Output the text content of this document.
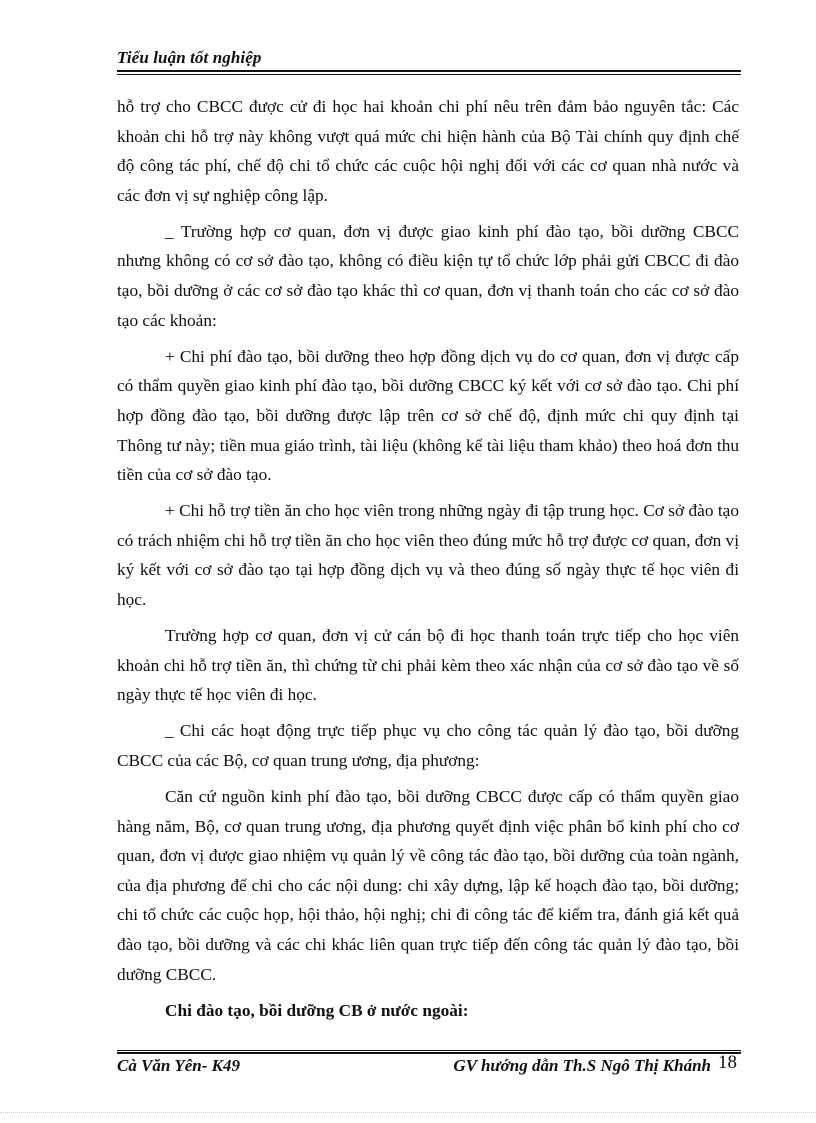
Tiểu luận tốt nghiệp

hỗ trợ cho CBCC được cử đi học hai khoản chi phí nêu trên đảm bảo nguyên tắc: Các khoản chi hỗ trợ này không vượt quá mức chi hiện hành của Bộ Tài chính quy định chế độ công tác phí, chế độ chi tổ chức các cuộc hội nghị đối với các cơ quan nhà nước và các đơn vị sự nghiệp công lập.

_ Trường hợp cơ quan, đơn vị được giao kinh phí đào tạo, bồi dưỡng CBCC nhưng không có cơ sở đào tạo, không có điều kiện tự tổ chức lớp phải gửi CBCC đi đào tạo, bồi dưỡng ở các cơ sở đào tạo khác thì cơ quan, đơn vị thanh toán cho các cơ sở đào tạo các khoản:

+ Chi phí đào tạo, bồi dưỡng theo hợp đồng dịch vụ do cơ quan, đơn vị được cấp có thẩm quyền giao kinh phí đào tạo, bồi dưỡng CBCC ký kết với cơ sở đào tạo. Chi phí hợp đồng đào tạo, bồi dưỡng được lập trên cơ sở chế độ, định mức chi quy định tại Thông tư này; tiền mua giáo trình, tài liệu (không kể tài liệu tham khảo) theo hoá đơn thu tiền của cơ sở đào tạo.

+ Chi hỗ trợ tiền ăn cho học viên trong những ngày đi tập trung học. Cơ sở đào tạo có trách nhiệm chi hỗ trợ tiền ăn cho học viên theo đúng mức hỗ trợ được cơ quan, đơn vị ký kết với cơ sở đào tạo tại hợp đồng dịch vụ và theo đúng số ngày thực tế học viên đi học.

Trường hợp cơ quan, đơn vị cử cán bộ đi học thanh toán trực tiếp cho học viên khoản chi hỗ trợ tiền ăn, thì chứng từ chi phải kèm theo xác nhận của cơ sở đào tạo về số ngày thực tế học viên đi học.

_ Chi các hoạt động trực tiếp phục vụ cho công tác quản lý đào tạo, bồi dưỡng CBCC của các Bộ, cơ quan trung ương, địa phương:

Căn cứ nguồn kinh phí đào tạo, bồi dưỡng CBCC được cấp có thẩm quyền giao hàng năm, Bộ, cơ quan trung ương, địa phương quyết định việc phân bổ kinh phí cho cơ quan, đơn vị được giao nhiệm vụ quản lý về công tác đào tạo, bồi dưỡng của toàn ngành, của địa phương để chi cho các nội dung: chi xây dựng, lập kế hoạch đào tạo, bồi dưỡng; chi tổ chức các cuộc họp, hội thảo, hội nghị; chi đi công tác để kiểm tra, đánh giá kết quả đào tạo, bồi dưỡng và các chi khác liên quan trực tiếp đến công tác quản lý đào tạo, bồi dưỡng CBCC.

Chi đào tạo, bồi dưỡng CB ở nước ngoài:

Cà Văn Yên- K49	GV hướng dẫn Th.S Ngô Thị Khánh 18
